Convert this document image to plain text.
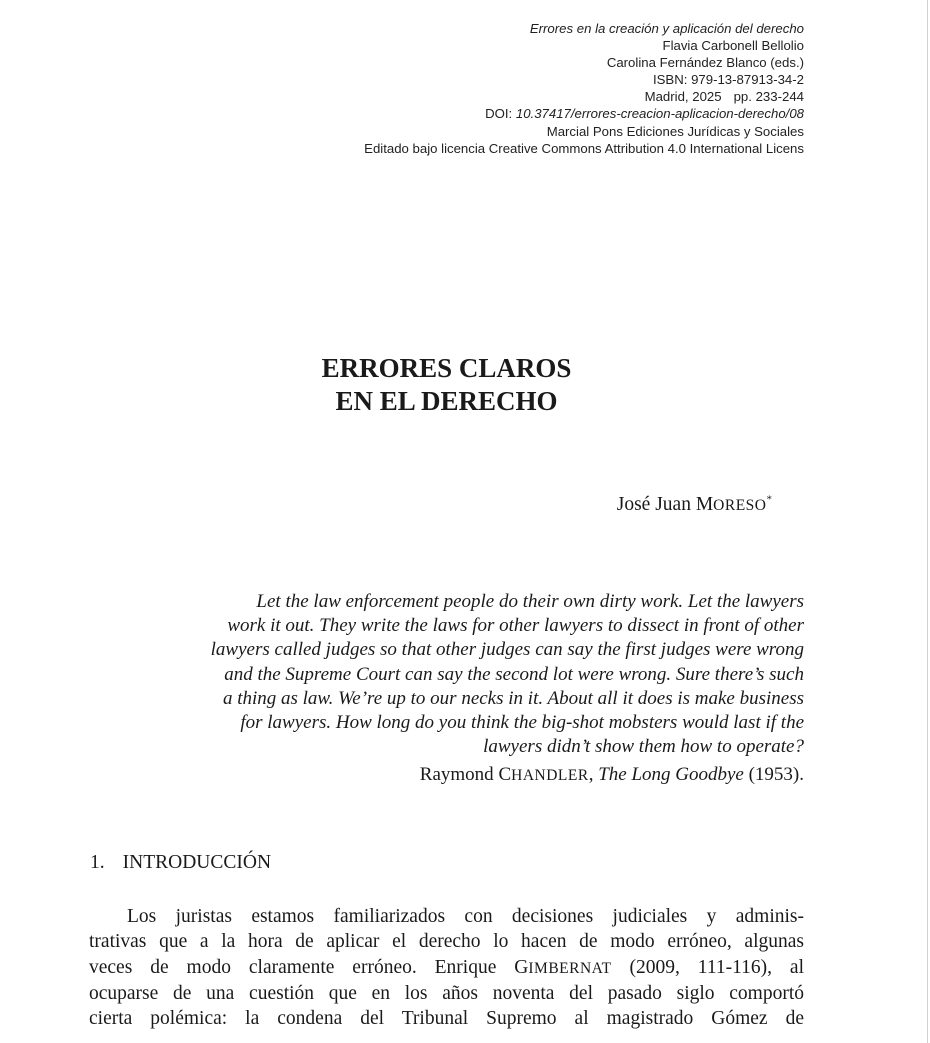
Errores en la creación y aplicación del derecho
Flavia Carbonell Bellolio
Carolina Fernández Blanco (eds.)
ISBN: 979-13-87913-34-2
Madrid, 2025 pp. 233-244
DOI: 10.37417/errores-creacion-aplicacion-derecho/08
Marcial Pons Ediciones Jurídicas y Sociales
Editado bajo licencia Creative Commons Attribution 4.0 International Licens
ERRORES CLAROS
EN EL DERECHO
José Juan MORESO*
Let the law enforcement people do their own dirty work. Let the lawyers
work it out. They write the laws for other lawyers to dissect in front of other
lawyers called judges so that other judges can say the first judges were wrong
and the Supreme Court can say the second lot were wrong. Sure there’s such
a thing as law. We’re up to our necks in it. About all it does is make business
for lawyers. How long do you think the big-shot mobsters would last if the
lawyers didn’t show them how to operate?
Raymond CHANDLER, The Long Goodbye (1953).
1. INTRODUCCIÓN
Los juristas estamos familiarizados con decisiones judiciales y adminis-
trativas que a la hora de aplicar el derecho lo hacen de modo erróneo, algunas
veces de modo claramente erróneo. Enrique GIMBERNAT (2009, 111-116), al
ocuparse de una cuestión que en los años noventa del pasado siglo comportó
cierta polémica: la condena del Tribunal Supremo al magistrado Gómez de
